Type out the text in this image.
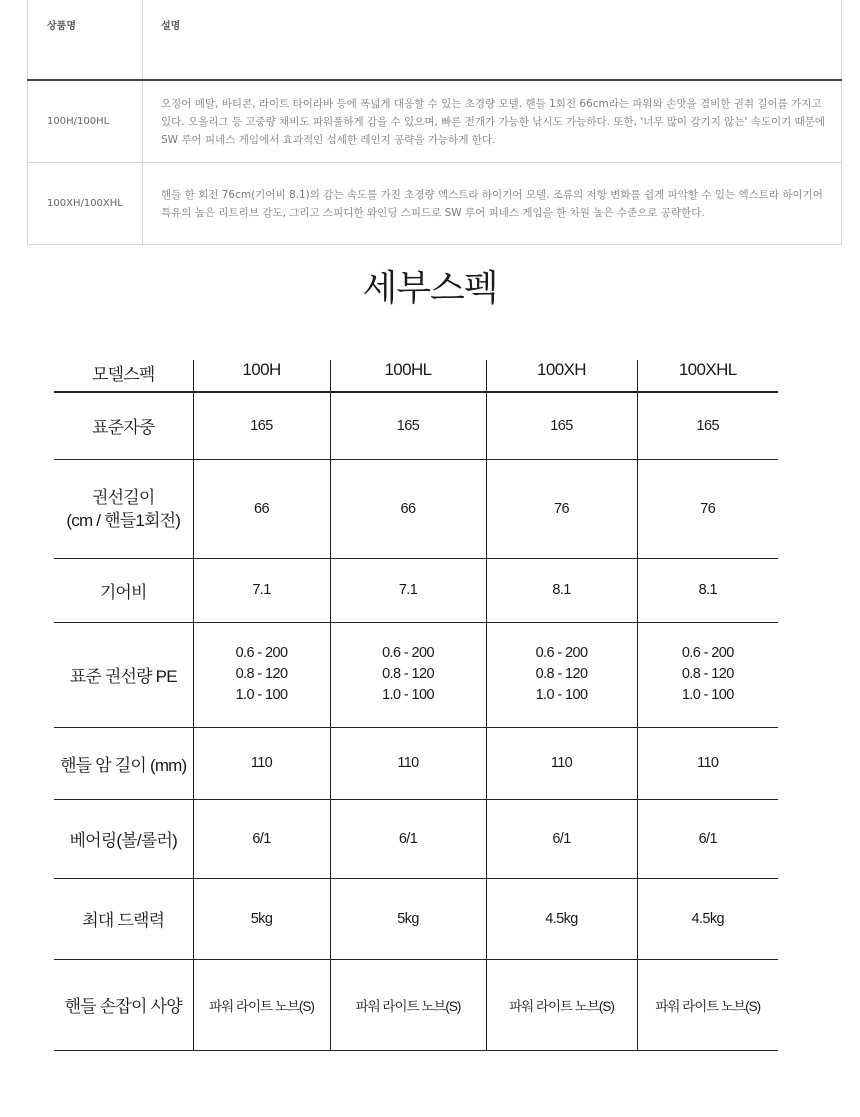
상품명	설명
100H/100HL	오징어 메탈, 바티콘, 라이트 타이라바 등에 폭넓게 대응할 수 있는 초경량 모델. 핸들 1회전 66cm라는 파워와 손맛을 겸비한 권취 길이를 가지고 있다. 오올리그 등 고중량 채비도 파워풀하게 감을 수 있으며, 빠른 전개가 가능한 낚시도 가능하다. 또한, '너무 많이 감기지 않는' 속도이기 때문에 SW 루어 피네스 게임에서 효과적인 섬세한 레인지 공략을 가능하게 한다.
100XH/100XHL	핸들 한 회전 76cm(기어비 8.1)의 감는 속도를 가진 초경량 엑스트라 하이기어 모델. 조류의 저항 변화를 쉽게 파악할 수 있는 엑스트라 하이기어 특유의 높은 리트리브 감도, 그리고 스피디한 와인딩 스피드로 SW 루어 피네스 게임을 한 차원 높은 수준으로 공략한다.
세부스펙
모델스펙	100H	100HL	100XH	100XHL
표준자중	165	165	165	165

권선길이
(cm / 핸들1회전)	66	66	76	76
기어비	7.1	7.1	8.1	8.1
표준 권선량 PE	0.6 - 200
0.8 - 120
1.0 - 100	0.6 - 200
0.8 - 120
1.0 - 100	0.6 - 200
0.8 - 120
1.0 - 100	0.6 - 200
0.8 - 120
1.0 - 100

핸들 암 길이 (mm)	110	110	110	110
베어링(볼/롤러)	6/1	6/1	6/1	6/1
최대 드랙력	5kg	5kg	4.5kg	4.5kg
핸들 손잡이 사양	파워 라이트 노브(S)	파워 라이트 노브(S)	파워 라이트 노브(S)	파워 라이트 노브(S)
